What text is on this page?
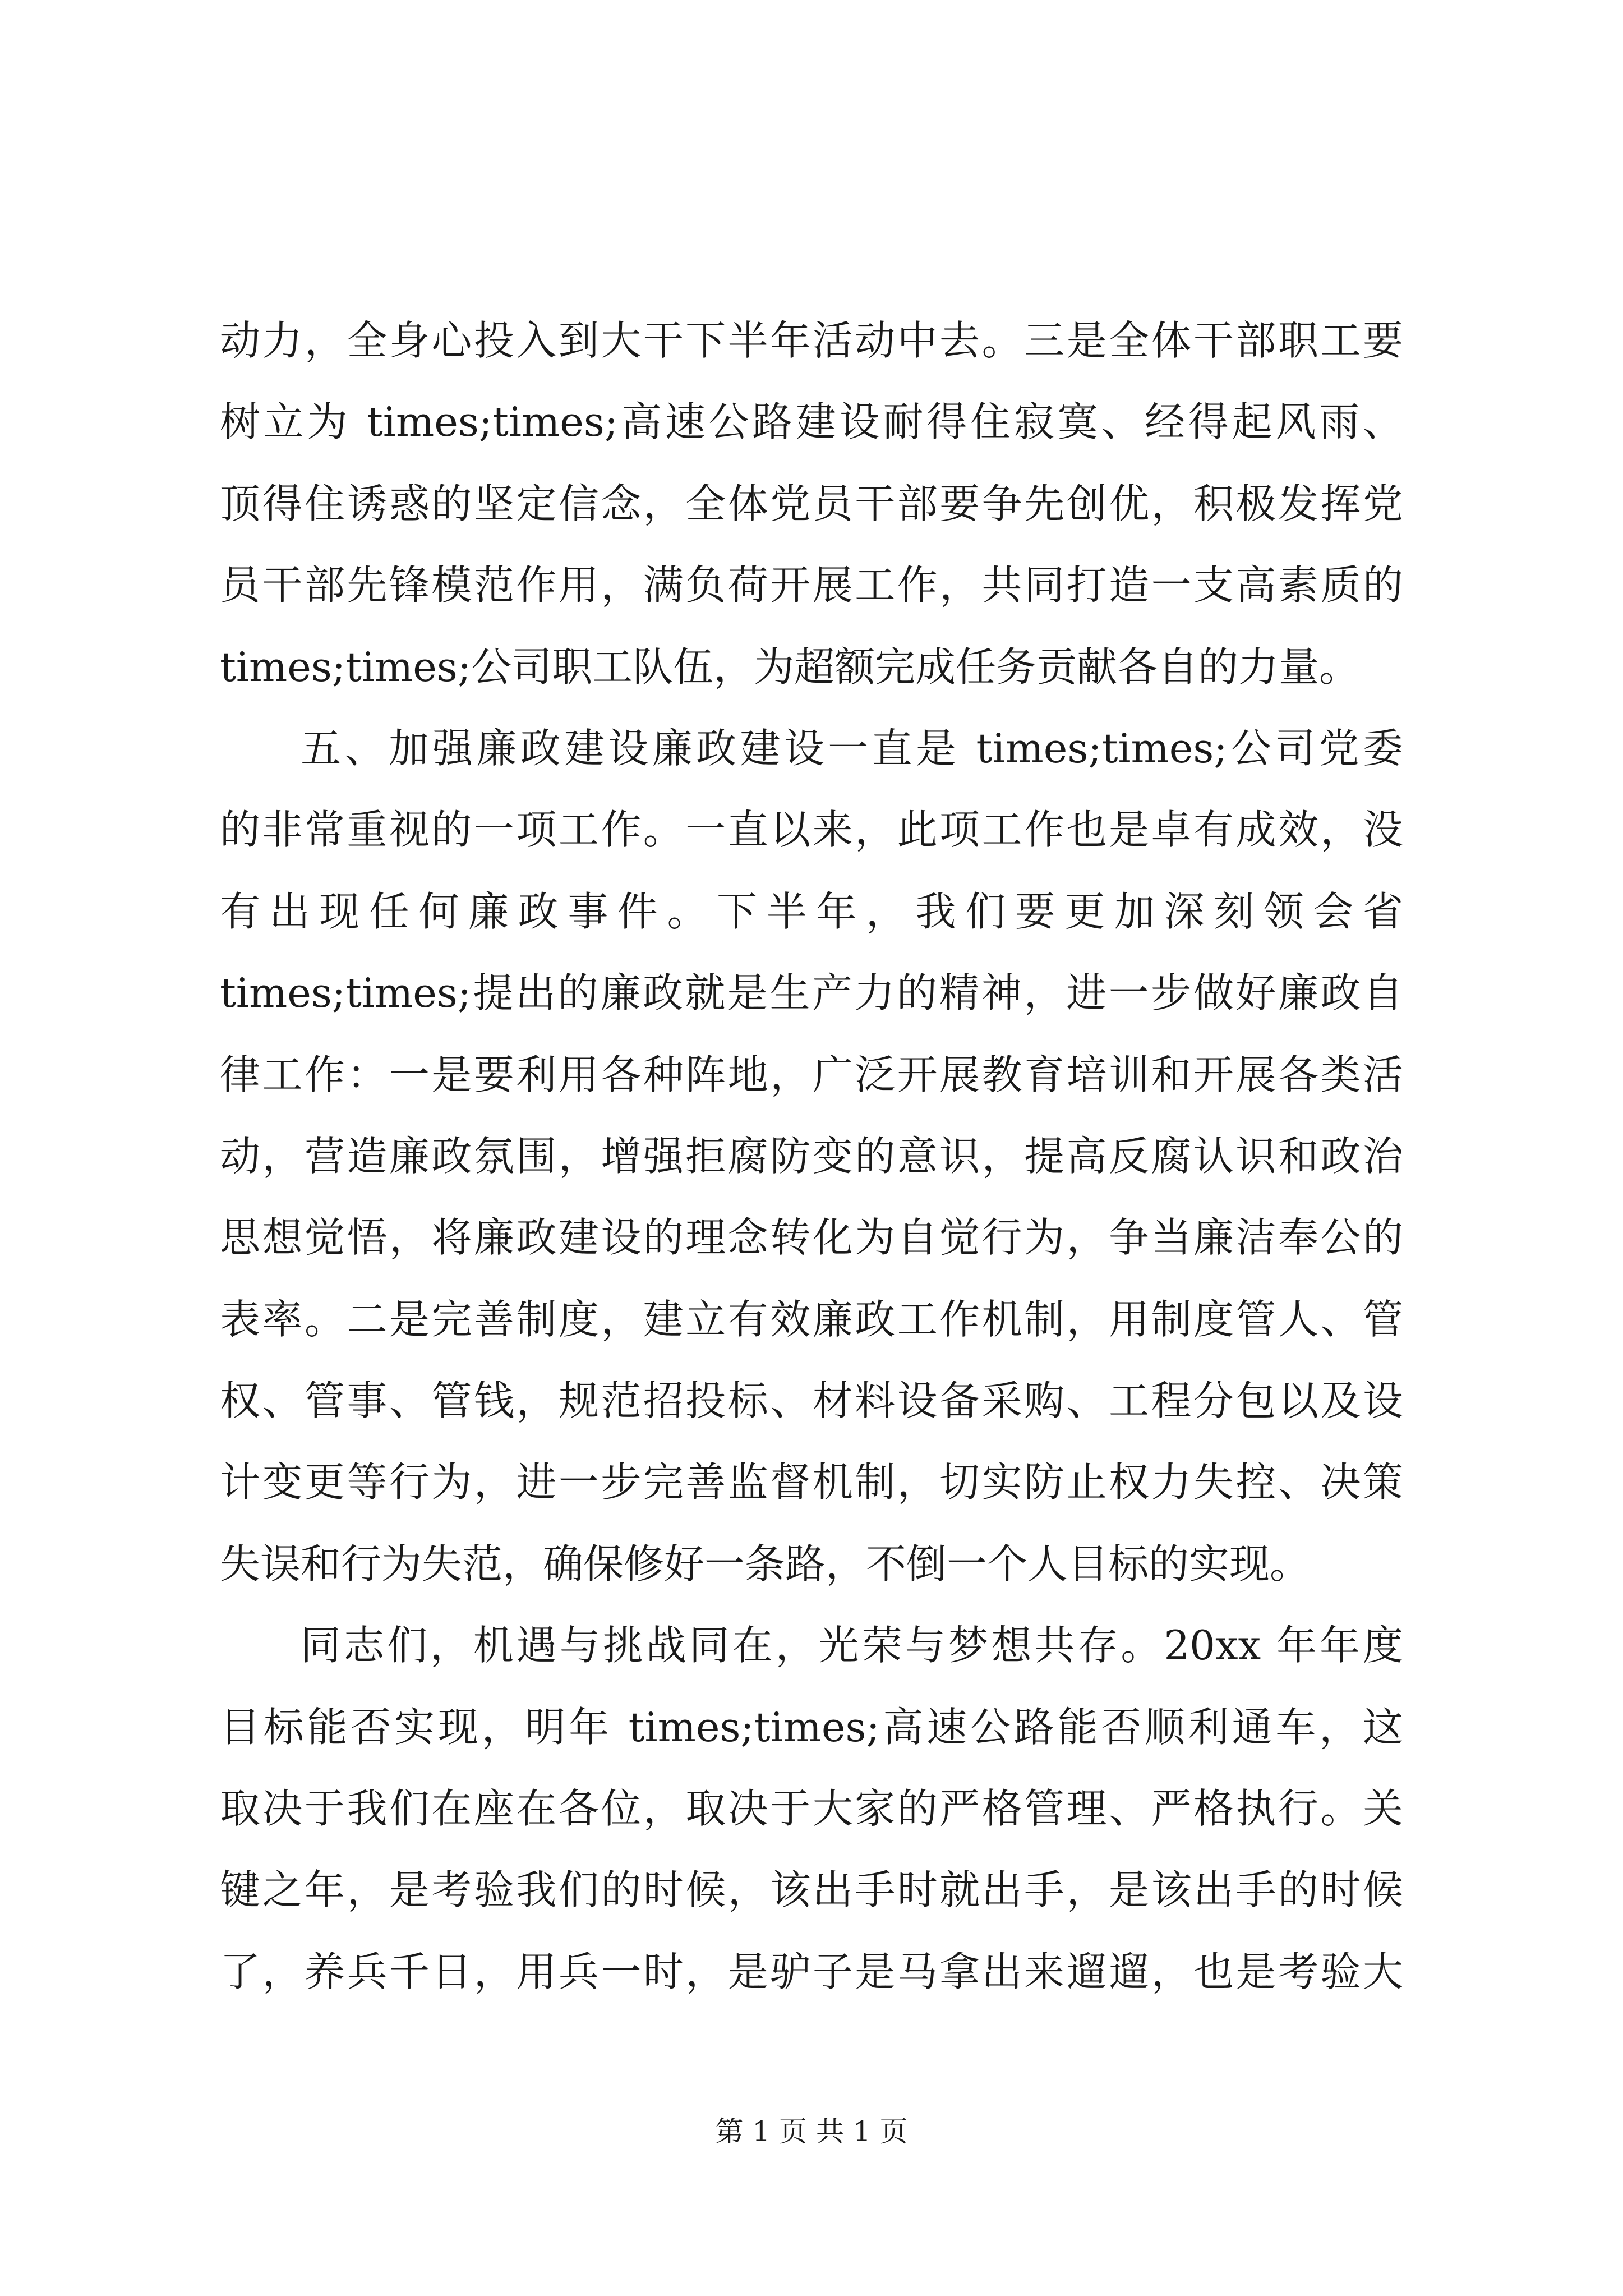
动力，全身心投入到大干下半年活动中去。三是全体干部职工要
树立为 times;times;高速公路建设耐得住寂寞、经得起风雨、
顶得住诱惑的坚定信念，全体党员干部要争先创优，积极发挥党
员干部先锋模范作用，满负荷开展工作，共同打造一支高素质的
times;times;公司职工队伍，为超额完成任务贡献各自的力量。
五、加强廉政建设廉政建设一直是 times;times;公司党委
的非常重视的一项工作。一直以来，此项工作也是卓有成效，没
有出现任何廉政事件。下半年，我们要更加深刻领会省
times;times;提出的廉政就是生产力的精神，进一步做好廉政自
律工作：一是要利用各种阵地，广泛开展教育培训和开展各类活
动，营造廉政氛围，增强拒腐防变的意识，提高反腐认识和政治
思想觉悟，将廉政建设的理念转化为自觉行为，争当廉洁奉公的
表率。二是完善制度，建立有效廉政工作机制，用制度管人、管
权、管事、管钱，规范招投标、材料设备采购、工程分包以及设
计变更等行为，进一步完善监督机制，切实防止权力失控、决策
失误和行为失范，确保修好一条路，不倒一个人目标的实现。
同志们，机遇与挑战同在，光荣与梦想共存。20xx 年年度
目标能否实现，明年 times;times;高速公路能否顺利通车，这
取决于我们在座在各位，取决于大家的严格管理、严格执行。关
键之年，是考验我们的时候，该出手时就出手，是该出手的时候
了，养兵千日，用兵一时，是驴子是马拿出来遛遛，也是考验大
第 1 页 共 1 页
